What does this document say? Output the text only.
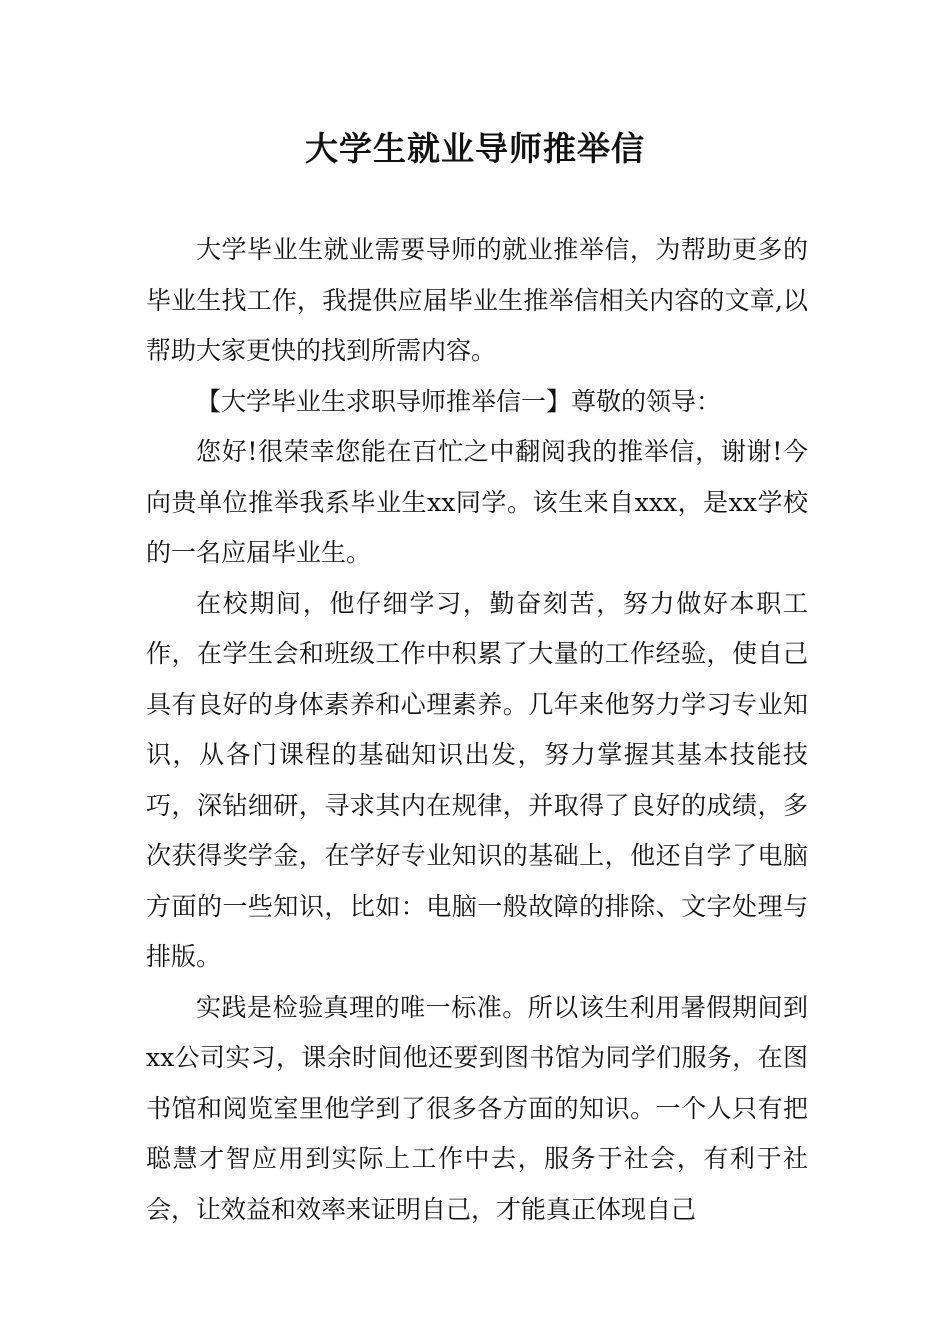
大学生就业导师推举信

大学毕业生就业需要导师的就业推举信，为帮助更多的毕业生找工作，我提供应届毕业生推举信相关内容的文章,以帮助大家更快的找到所需内容。

【大学毕业生求职导师推举信一】尊敬的领导：

您好!很荣幸您能在百忙之中翻阅我的推举信，谢谢!今向贵单位推举我系毕业生xx同学。该生来自xxx，是xx学校的一名应届毕业生。

在校期间，他仔细学习，勤奋刻苦，努力做好本职工作，在学生会和班级工作中积累了大量的工作经验，使自己具有良好的身体素养和心理素养。几年来他努力学习专业知识，从各门课程的基础知识出发，努力掌握其基本技能技巧，深钻细研，寻求其内在规律，并取得了良好的成绩，多次获得奖学金，在学好专业知识的基础上，他还自学了电脑方面的一些知识，比如：电脑一般故障的排除、文字处理与排版。

实践是检验真理的唯一标准。所以该生利用暑假期间到xx公司实习，课余时间他还要到图书馆为同学们服务，在图书馆和阅览室里他学到了很多各方面的知识。一个人只有把聪慧才智应用到实际上工作中去，服务于社会，有利于社会，让效益和效率来证明自己，才能真正体现自己
